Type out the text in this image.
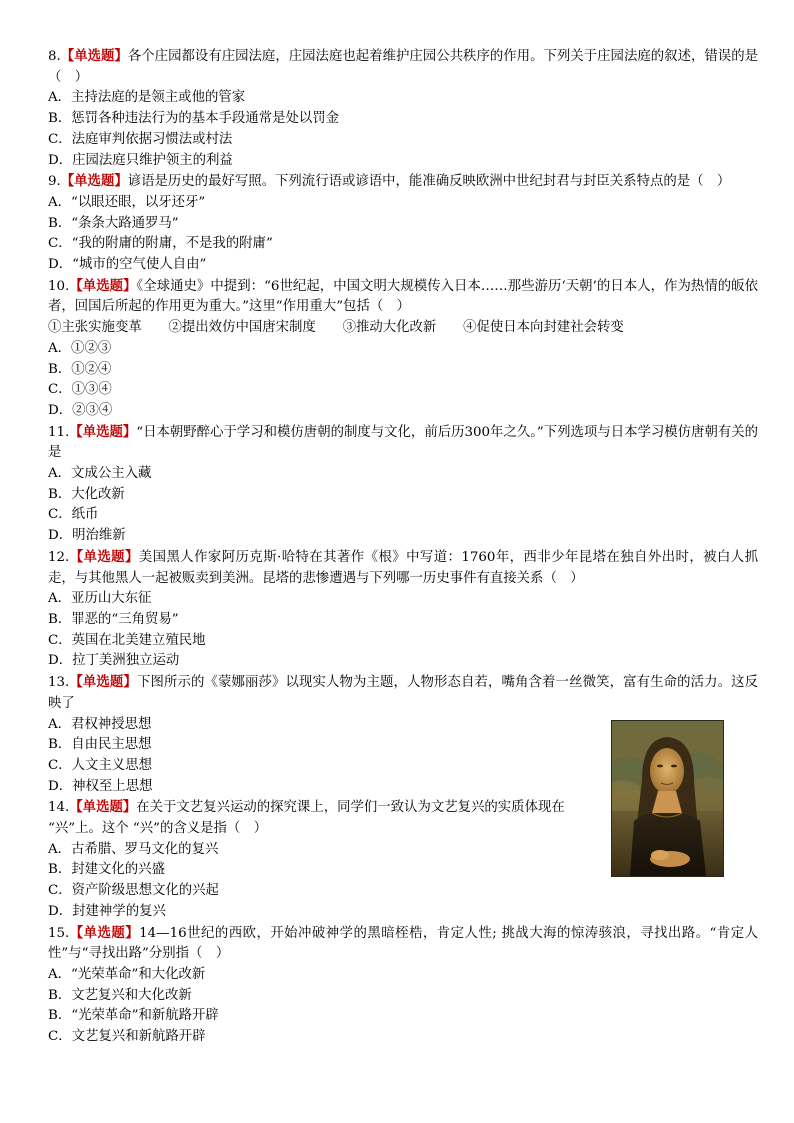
8.【单选题】各个庄园都设有庄园法庭，庄园法庭也起着维护庄园公共秩序的作用。下列关于庄园法庭的叙述，错误的是（　）
A．主持法庭的是领主或他的管家
B．惩罚各种违法行为的基本手段通常是处以罚金
C．法庭审判依据习惯法或村法
D．庄园法庭只维护领主的利益
9.【单选题】谚语是历史的最好写照。下列流行语或谚语中，能准确反映欧洲中世纪封君与封臣关系特点的是（　）
A．“以眼还眼，以牙还牙”
B．“条条大路通罗马”
C．“我的附庸的附庸，不是我的附庸”
D．“城市的空气使人自由”
10.【单选题】《全球通史》中提到：“6世纪起，中国文明大规模传入日本……那些游历‘天朝’的日本人，作为热情的皈依者，回国后所起的作用更为重大。”这里“作用重大”包括（　）
①主张实施变革　　②提出效仿中国唐宋制度　　③推动大化改新　　④促使日本向封建社会转变
A．①②③
B．①②④
C．①③④
D．②③④
11.【单选题】“日本朝野醉心于学习和模仿唐朝的制度与文化，前后历300年之久。”下列选项与日本学习模仿唐朝有关的是
A．文成公主入藏
B．大化改新
C．纸币
D．明治维新
12.【单选题】美国黑人作家阿历克斯·哈特在其著作《根》中写道：1760年，西非少年昆塔在独自外出时，被白人抓走，与其他黑人一起被贩卖到美洲。昆塔的悲惨遭遇与下列哪一历史事件有直接关系（　）
A．亚历山大东征
B．罪恶的“三角贸易”
C．英国在北美建立殖民地
D．拉丁美洲独立运动
13.【单选题】下图所示的《蒙娜丽莎》以现实人物为主题，人物形态自若，嘴角含着一丝微笑，富有生命的活力。这反映了
A．君权神授思想
B．自由民主思想
C．人文主义思想
D．神权至上思想
14.【单选题】在关于文艺复兴运动的探究课上，同学们一致认为文艺复兴的实质体现在
“兴”上。这个 “兴”的含义是指（　）
A．古希腊、罗马文化的复兴
B．封建文化的兴盛
C．资产阶级思想文化的兴起
D．封建神学的复兴
15.【单选题】14—16世纪的西欧，开始冲破神学的黑暗桎梏，肯定人性; 挑战大海的惊涛骇浪，寻找出路。“肯定人性”与“寻找出路”分别指（　）
A．“光荣革命”和大化改新
B．文艺复兴和大化改新
B．“光荣革命”和新航路开辟
C．文艺复兴和新航路开辟
